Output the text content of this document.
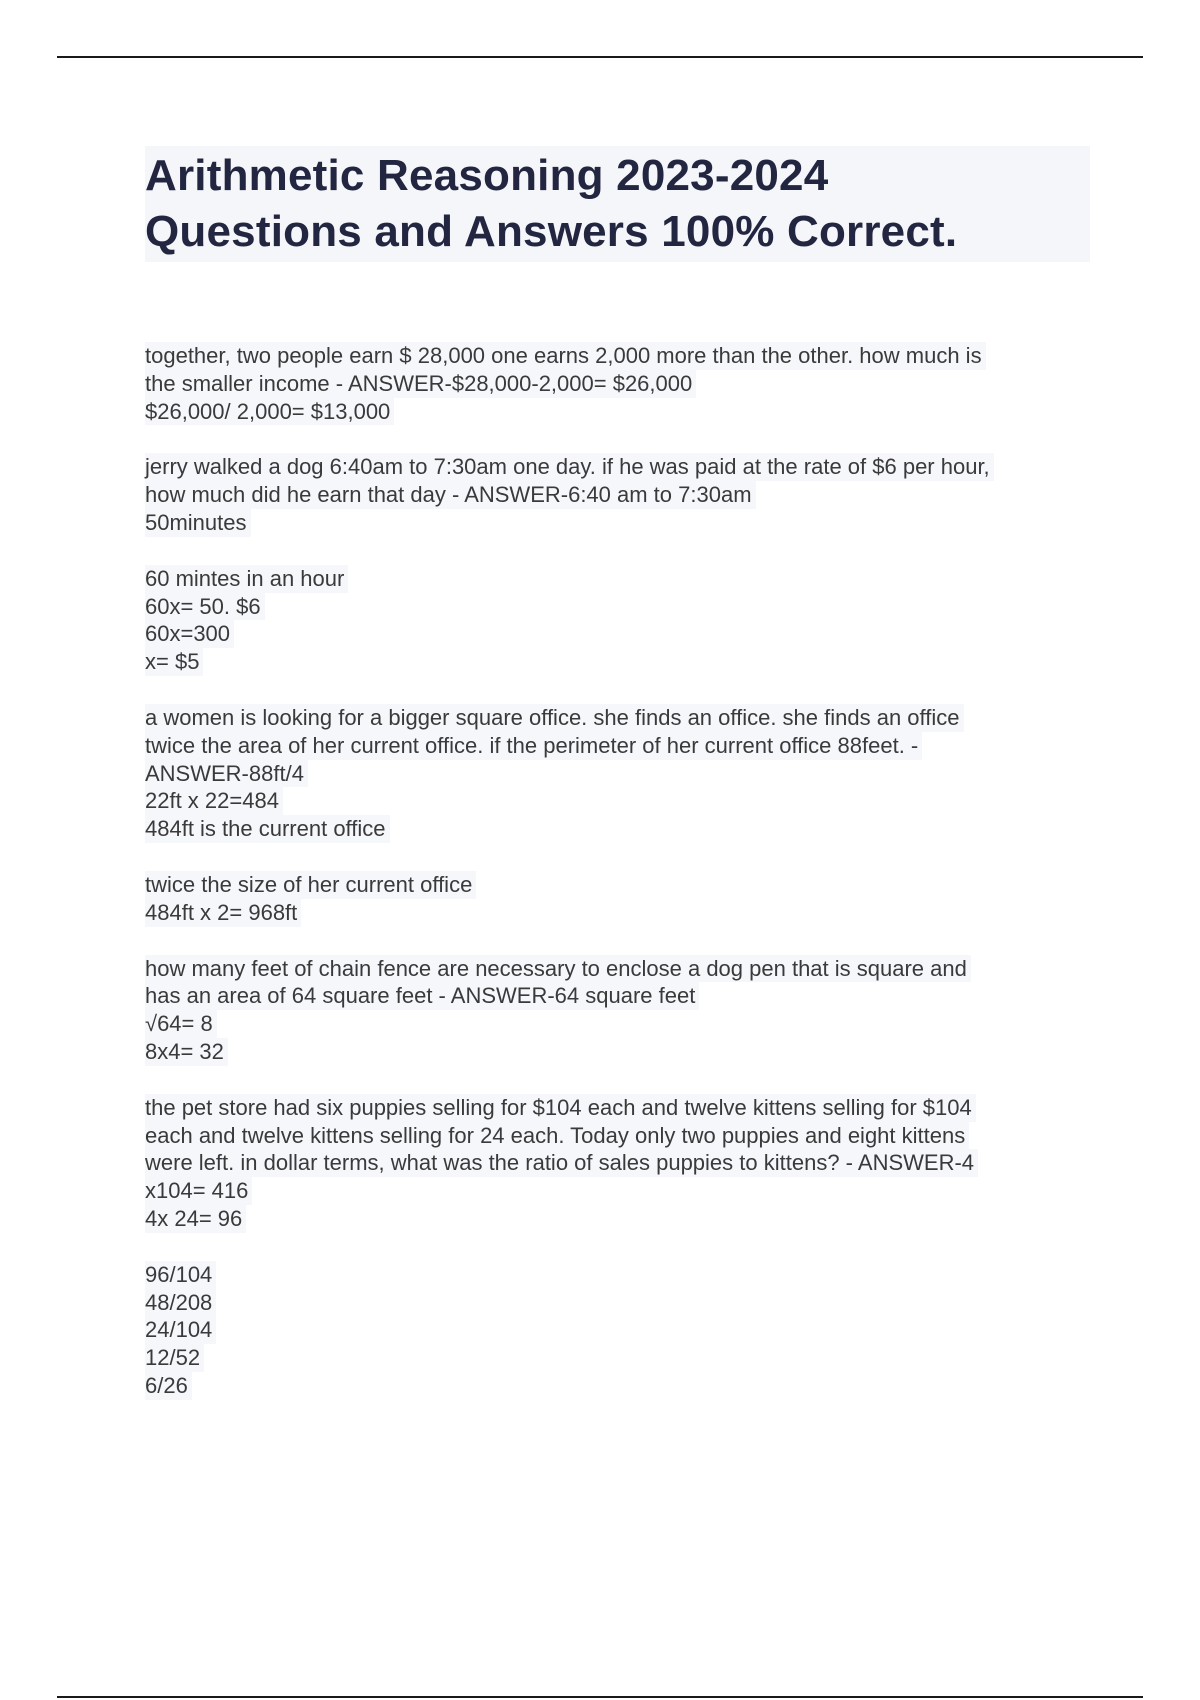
Arithmetic Reasoning 2023-2024
Questions and Answers 100% Correct.
together, two people earn $ 28,000 one earns 2,000 more than the other. how much is
the smaller income - ANSWER-$28,000-2,000= $26,000
$26,000/ 2,000= $13,000
jerry walked a dog 6:40am to 7:30am one day. if he was paid at the rate of $6 per hour,
how much did he earn that day - ANSWER-6:40 am to 7:30am
50minutes
60 mintes in an hour
60x= 50. $6
60x=300
x= $5
a women is looking for a bigger square office. she finds an office. she finds an office
twice the area of her current office. if the perimeter of her current office 88feet. -
ANSWER-88ft/4
22ft x 22=484
484ft is the current office
twice the size of her current office
484ft x 2= 968ft
how many feet of chain fence are necessary to enclose a dog pen that is square and
has an area of 64 square feet - ANSWER-64 square feet
√64= 8
8x4= 32
the pet store had six puppies selling for $104 each and twelve kittens selling for $104
each and twelve kittens selling for 24 each. Today only two puppies and eight kittens
were left. in dollar terms, what was the ratio of sales puppies to kittens? - ANSWER-4
x104= 416
4x 24= 96
96/104
48/208
24/104
12/52
6/26
